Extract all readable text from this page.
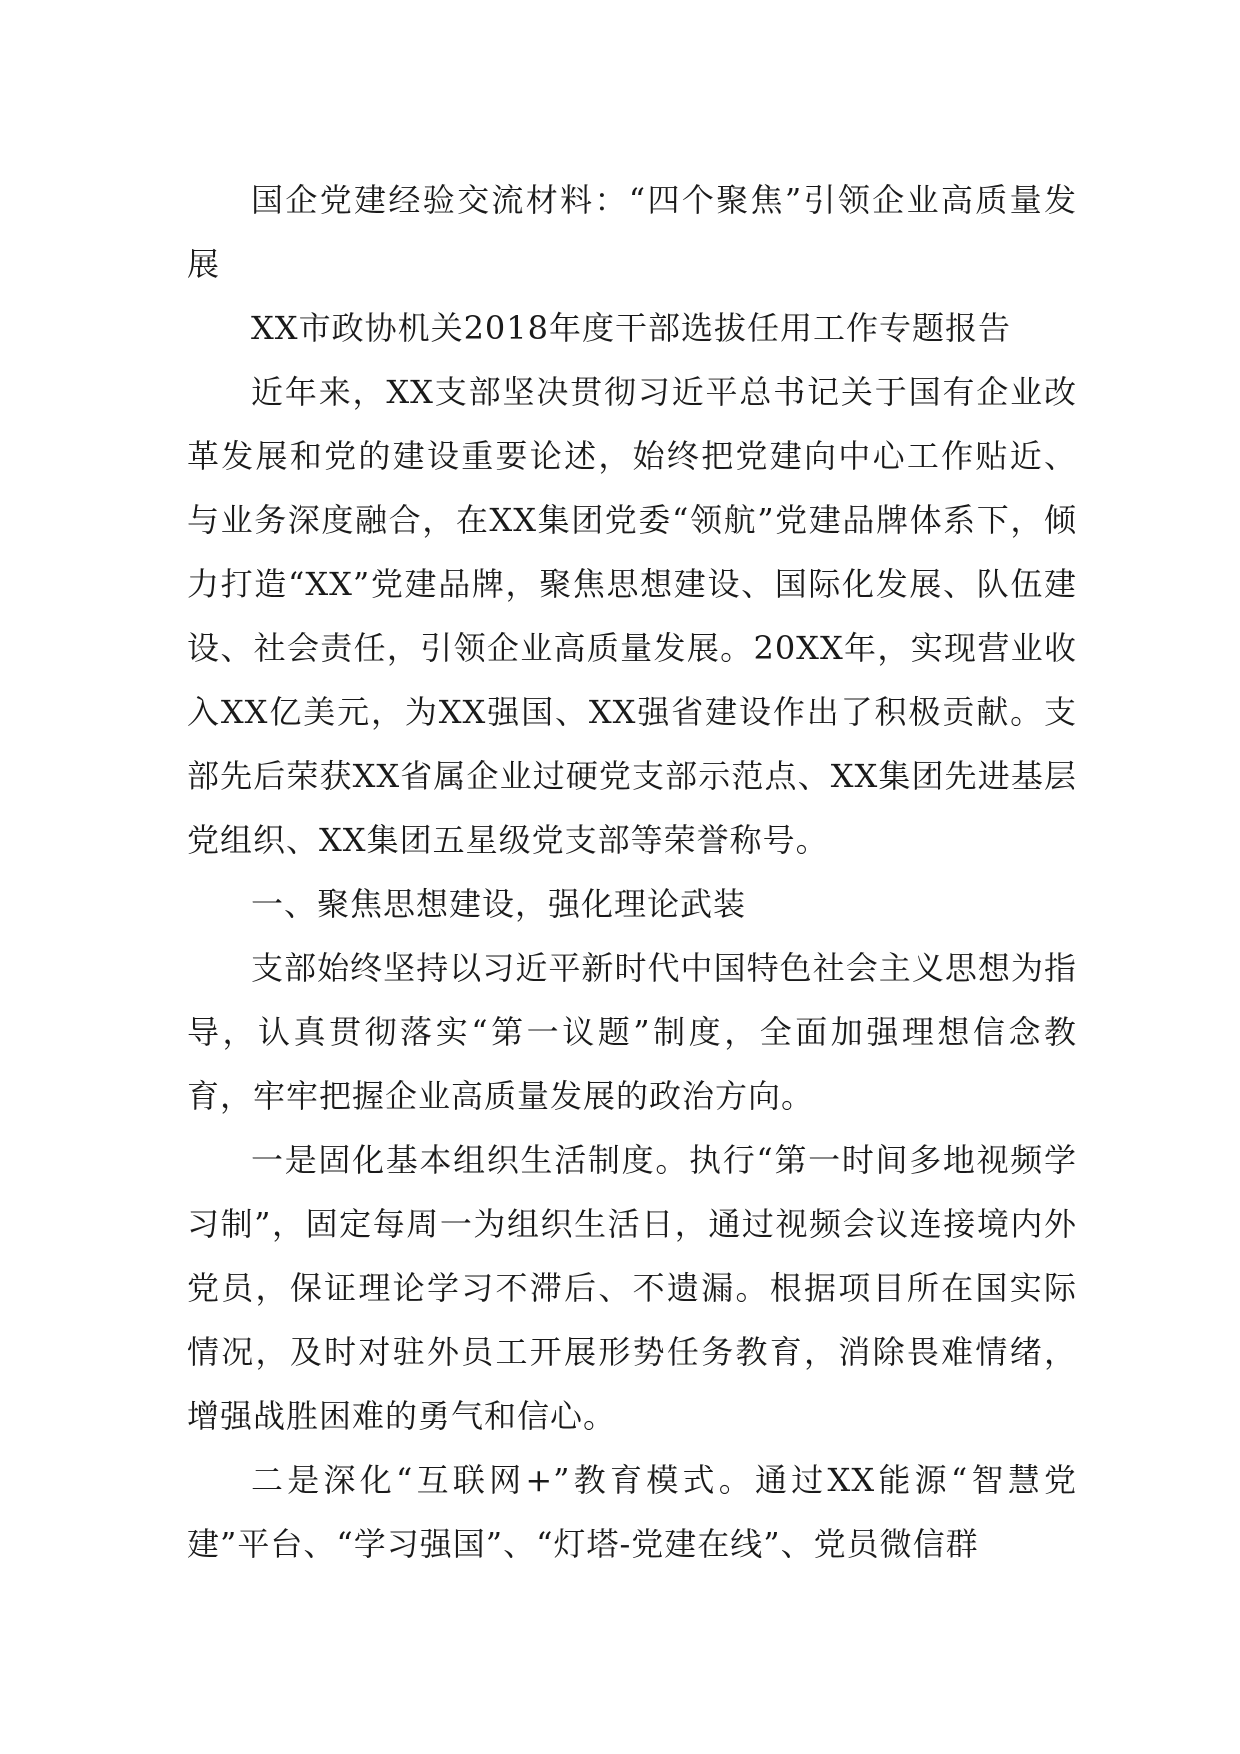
国企党建经验交流材料：“四个聚焦”引领企业高质量发展

XX市政协机关2018年度干部选拔任用工作专题报告

近年来，XX支部坚决贯彻习近平总书记关于国有企业改革发展和党的建设重要论述，始终把党建向中心工作贴近、与业务深度融合，在XX集团党委“领航”党建品牌体系下，倾力打造“XX”党建品牌，聚焦思想建设、国际化发展、队伍建设、社会责任，引领企业高质量发展。20XX年，实现营业收入XX亿美元，为XX强国、XX强省建设作出了积极贡献。支部先后荣获XX省属企业过硬党支部示范点、XX集团先进基层党组织、XX集团五星级党支部等荣誉称号。

一、聚焦思想建设，强化理论武装

支部始终坚持以习近平新时代中国特色社会主义思想为指导，认真贯彻落实“第一议题”制度，全面加强理想信念教育，牢牢把握企业高质量发展的政治方向。

一是固化基本组织生活制度。执行“第一时间多地视频学习制”，固定每周一为组织生活日，通过视频会议连接境内外党员，保证理论学习不滞后、不遗漏。根据项目所在国实际情况，及时对驻外员工开展形势任务教育，消除畏难情绪，增强战胜困难的勇气和信心。

二是深化“互联网+”教育模式。通过XX能源“智慧党建”平台、“学习强国”、“灯塔-党建在线”、党员微信群
